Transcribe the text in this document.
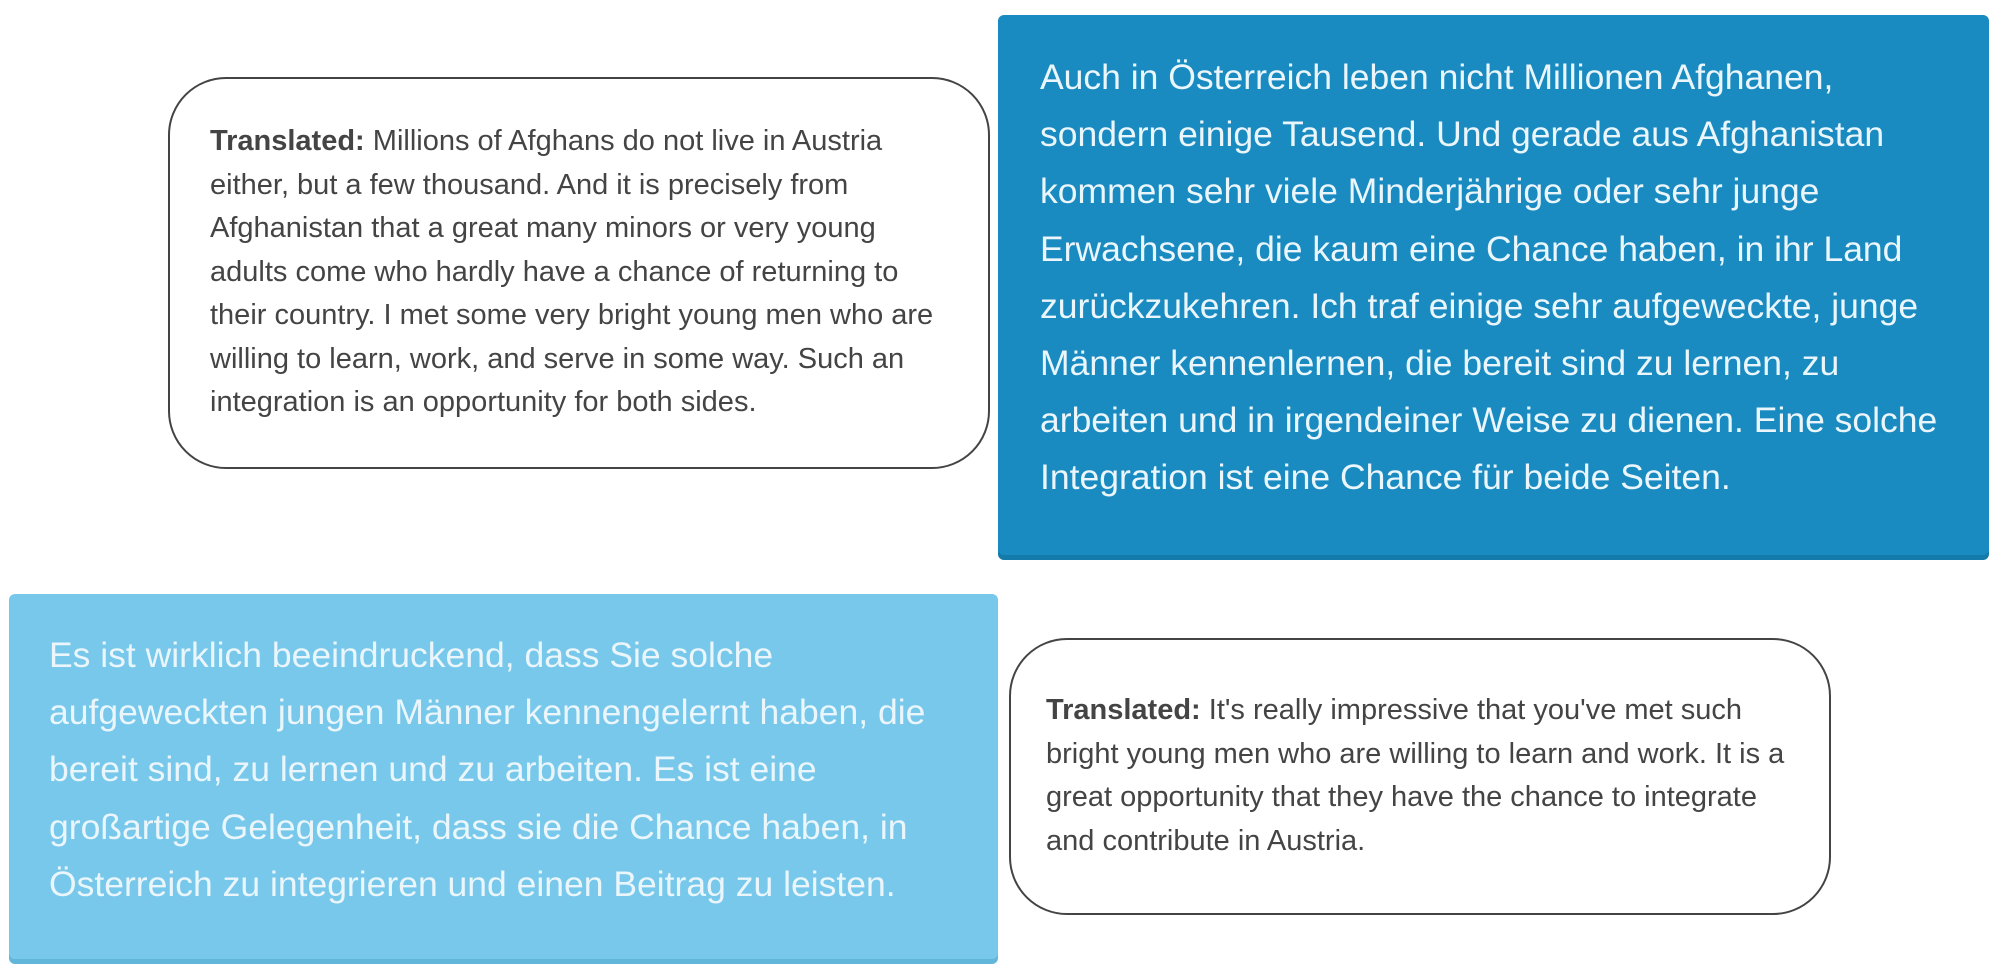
Translated: Millions of Afghans do not live in Austria either, but a few thousand. And it is precisely from Afghanistan that a great many minors or very young adults come who hardly have a chance of returning to their country. I met some very bright young men who are willing to learn, work, and serve in some way. Such an integration is an opportunity for both sides.
Auch in Österreich leben nicht Millionen Afghanen, sondern einige Tausend. Und gerade aus Afghanistan kommen sehr viele Minderjährige oder sehr junge Erwachsene, die kaum eine Chance haben, in ihr Land zurückzukehren. Ich traf einige sehr aufgeweckte, junge Männer kennenlernen, die bereit sind zu lernen, zu arbeiten und in irgendeiner Weise zu dienen. Eine solche Integration ist eine Chance für beide Seiten.
Es ist wirklich beeindruckend, dass Sie solche aufgeweckten jungen Männer kennengelernt haben, die bereit sind, zu lernen und zu arbeiten. Es ist eine großartige Gelegenheit, dass sie die Chance haben, in Österreich zu integrieren und einen Beitrag zu leisten.
Translated: It's really impressive that you've met such bright young men who are willing to learn and work. It is a great opportunity that they have the chance to integrate and contribute in Austria.
